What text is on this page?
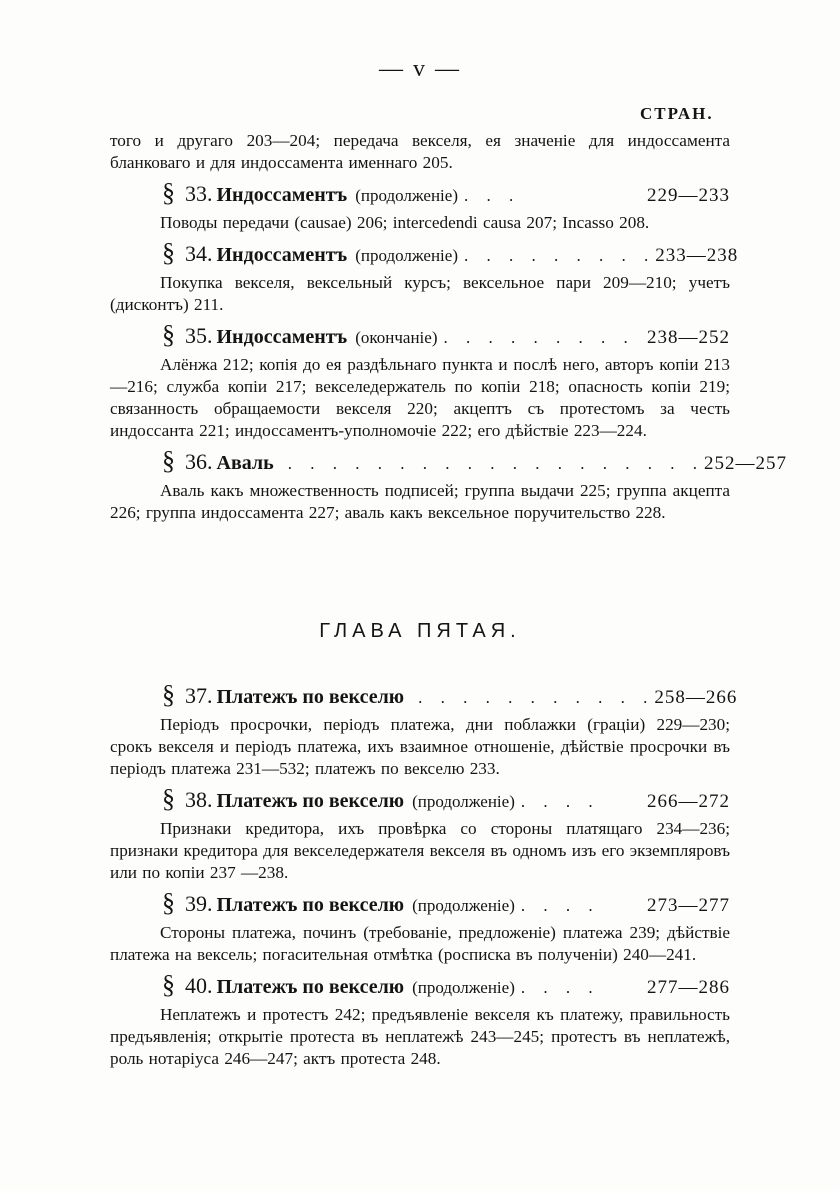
— v —
СТРАН.
того и другаго 203—204; передача векселя, ея значеніе для индоссамента бланковаго и для индоссамента именнаго 205.
§ 33. Индоссаментъ (продолженіе) . . .	229—233
Поводы передачи (causae) 206; intercedendi causa 207; Incasso 208.
§ 34. Индоссаментъ (продолженіе) . . . . . . . . . 233—238
Покупка векселя, вексельный курсъ; вексельное пари 209—210; учетъ (дисконтъ) 211.
§ 35. Индоссаментъ (окончаніе) . . . . . . . . . 238—252
Алёнжа 212; копія до ея раздѣльнаго пункта и послѣ него, авторъ копіи 213—216; служба копіи 217; векселедержатель по копіи 218; опасность копіи 219; связанность обращаемости векселя 220; акцептъ съ протестомъ за честь индоссанта 221; индоссаментъ-уполномочіе 222; его дѣйствіе 223—224.
§ 36. Аваль . . . . . . . . . . . . . . . . . . . 252—257
Аваль какъ множественность подписей; группа выдачи 225; группа акцепта 226; группа индоссамента 227; аваль какъ вексельное поручительство 228.
ГЛАВА ПЯТАЯ.
§ 37. Платежъ по векселю . . . . . . . . . . . 258—266
Періодъ просрочки, періодъ платежа, дни поблажки (граціи) 229—230; срокъ векселя и періодъ платежа, ихъ взаимное отношеніе, дѣйствіе просрочки въ періодъ платежа 231—532; платежъ по векселю 233.
§ 38. Платежъ по векселю (продолженіе) . . . .	266—272
Признаки кредитора, ихъ провѣрка со стороны платящаго 234—236; признаки кредитора для векселедержателя векселя въ одномъ изъ его экземпляровъ или по копіи 237 —238.
§ 39. Платежъ по векселю (продолженіе) . . . .	273—277
Стороны платежа, починъ (требованіе, предложеніе) платежа 239; дѣйствіе платежа на вексель; погасительная отмѣтка (росписка въ полученіи) 240—241.
§ 40. Платежъ по векселю (продолженіе) . . . .	277—286
Неплатежъ и протестъ 242; предъявленіе векселя къ платежу, правильность предъявленія; открытіе протеста въ неплатежѣ 243—245; протестъ въ неплатежѣ, роль нотаріуса 246—247; актъ протеста 248.
